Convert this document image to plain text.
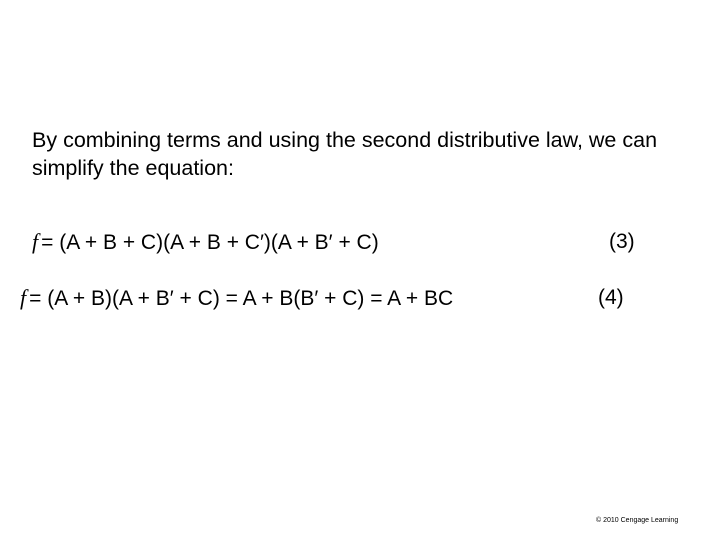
By combining terms and using the second distributive law, we can simplify the equation:
f = (A + B + C)(A + B + C′)(A + B′ + C)	(3)
f = (A + B)(A + B′ + C) = A + B(B′ + C) = A + BC	(4)
© 2010 Cengage Learning
